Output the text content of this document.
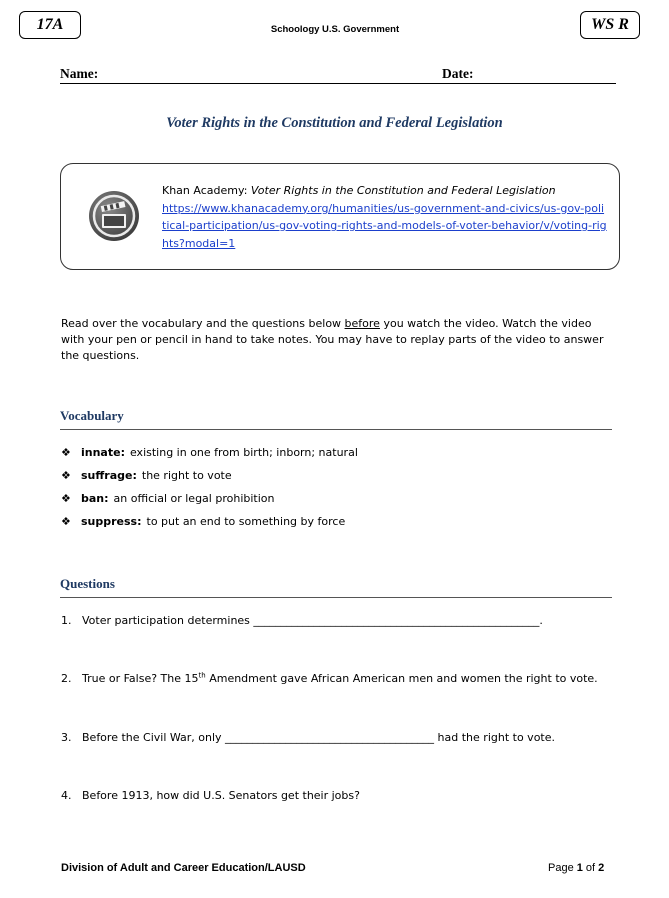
17A	Schoology U.S. Government	WS R
Name:	Date:
Voter Rights in the Constitution and Federal Legislation
Khan Academy: Voter Rights in the Constitution and Federal Legislation
https://www.khanacademy.org/humanities/us-government-and-civics/us-gov-political-participation/us-gov-voting-rights-and-models-of-voter-behavior/v/voting-rights?modal=1
Read over the vocabulary and the questions below before you watch the video. Watch the video with your pen or pencil in hand to take notes. You may have to replay parts of the video to answer the questions.
Vocabulary
❖ innate: existing in one from birth; inborn; natural
❖ suffrage: the right to vote
❖ ban: an official or legal prohibition
❖ suppress: to put an end to something by force
Questions
1. Voter participation determines ____________________________________________________.
2. True or False? The 15th Amendment gave African American men and women the right to vote.
3. Before the Civil War, only ______________________________________ had the right to vote.
4. Before 1913, how did U.S. Senators get their jobs?
Division of Adult and Career Education/LAUSD	Page 1 of 2
